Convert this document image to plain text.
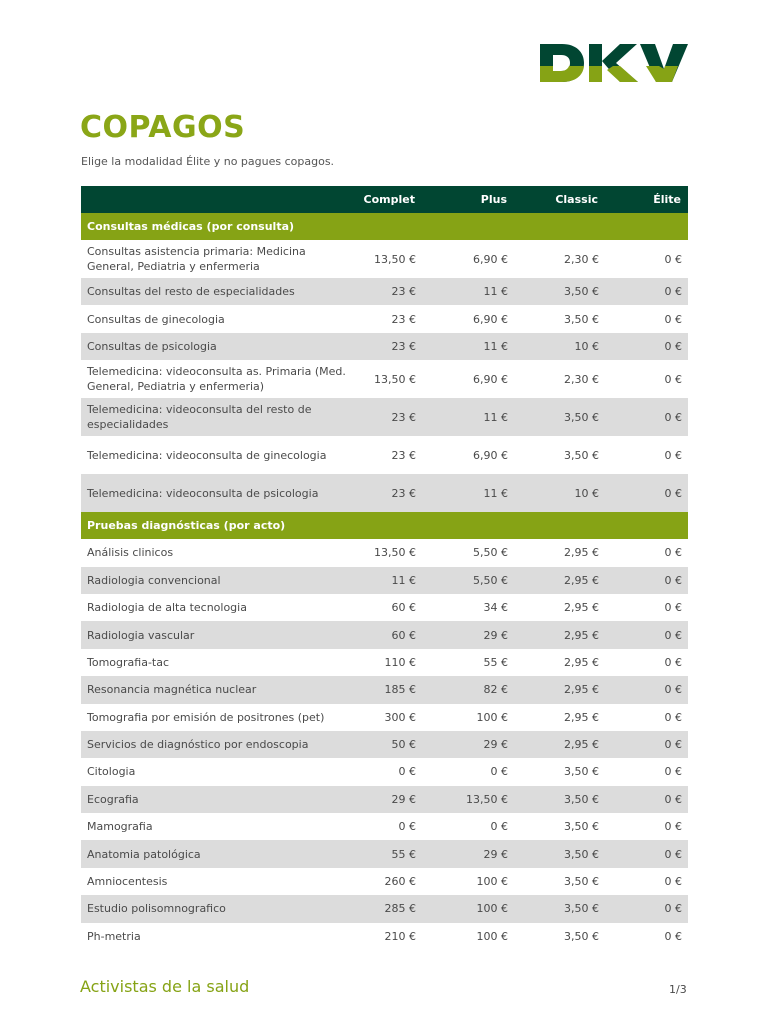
COPAGOS
Elige la modalidad Élite y no pagues copagos.
	Complet	Plus	Classic	Élite
Consultas médicas (por consulta)				
Consultas asistencia primaria: Medicina General, Pediatria y enfermeria	13,50 €	6,90 €	2,30 €	0 €
Consultas del resto de especialidades	23 €	11 €	3,50 €	0 €
Consultas de ginecologia	23 €	6,90 €	3,50 €	0 €
Consultas de psicologia	23 €	11 €	10 €	0 €
Telemedicina: videoconsulta as. Primaria (Med. General, Pediatria y enfermeria)	13,50 €	6,90 €	2,30 €	0 €
Telemedicina: videoconsulta del resto de especialidades	23 €	11 €	3,50 €	0 €
Telemedicina: videoconsulta de ginecologia	23 €	6,90 €	3,50 €	0 €
Telemedicina: videoconsulta de psicologia	23 €	11 €	10 €	0 €
Pruebas diagnósticas (por acto)				
Análisis clinicos	13,50 €	5,50 €	2,95 €	0 €
Radiologia convencional	11 €	5,50 €	2,95 €	0 €
Radiologia de alta tecnologia	60 €	34 €	2,95 €	0 €
Radiologia vascular	60 €	29 €	2,95 €	0 €
Tomografia-tac	110 €	55 €	2,95 €	0 €
Resonancia magnética nuclear	185 €	82 €	2,95 €	0 €
Tomografia por emisión de positrones (pet)	300 €	100 €	2,95 €	0 €
Servicios de diagnóstico por endoscopia	50 €	29 €	2,95 €	0 €
Citologia	0 €	0 €	3,50 €	0 €
Ecografia	29 €	13,50 €	3,50 €	0 €
Mamografia	0 €	0 €	3,50 €	0 €
Anatomia patológica	55 €	29 €	3,50 €	0 €
Amniocentesis	260 €	100 €	3,50 €	0 €
Estudio polisomnografico	285 €	100 €	3,50 €	0 €
Ph-metria	210 €	100 €	3,50 €	0 €
Activistas de la salud	1/3
